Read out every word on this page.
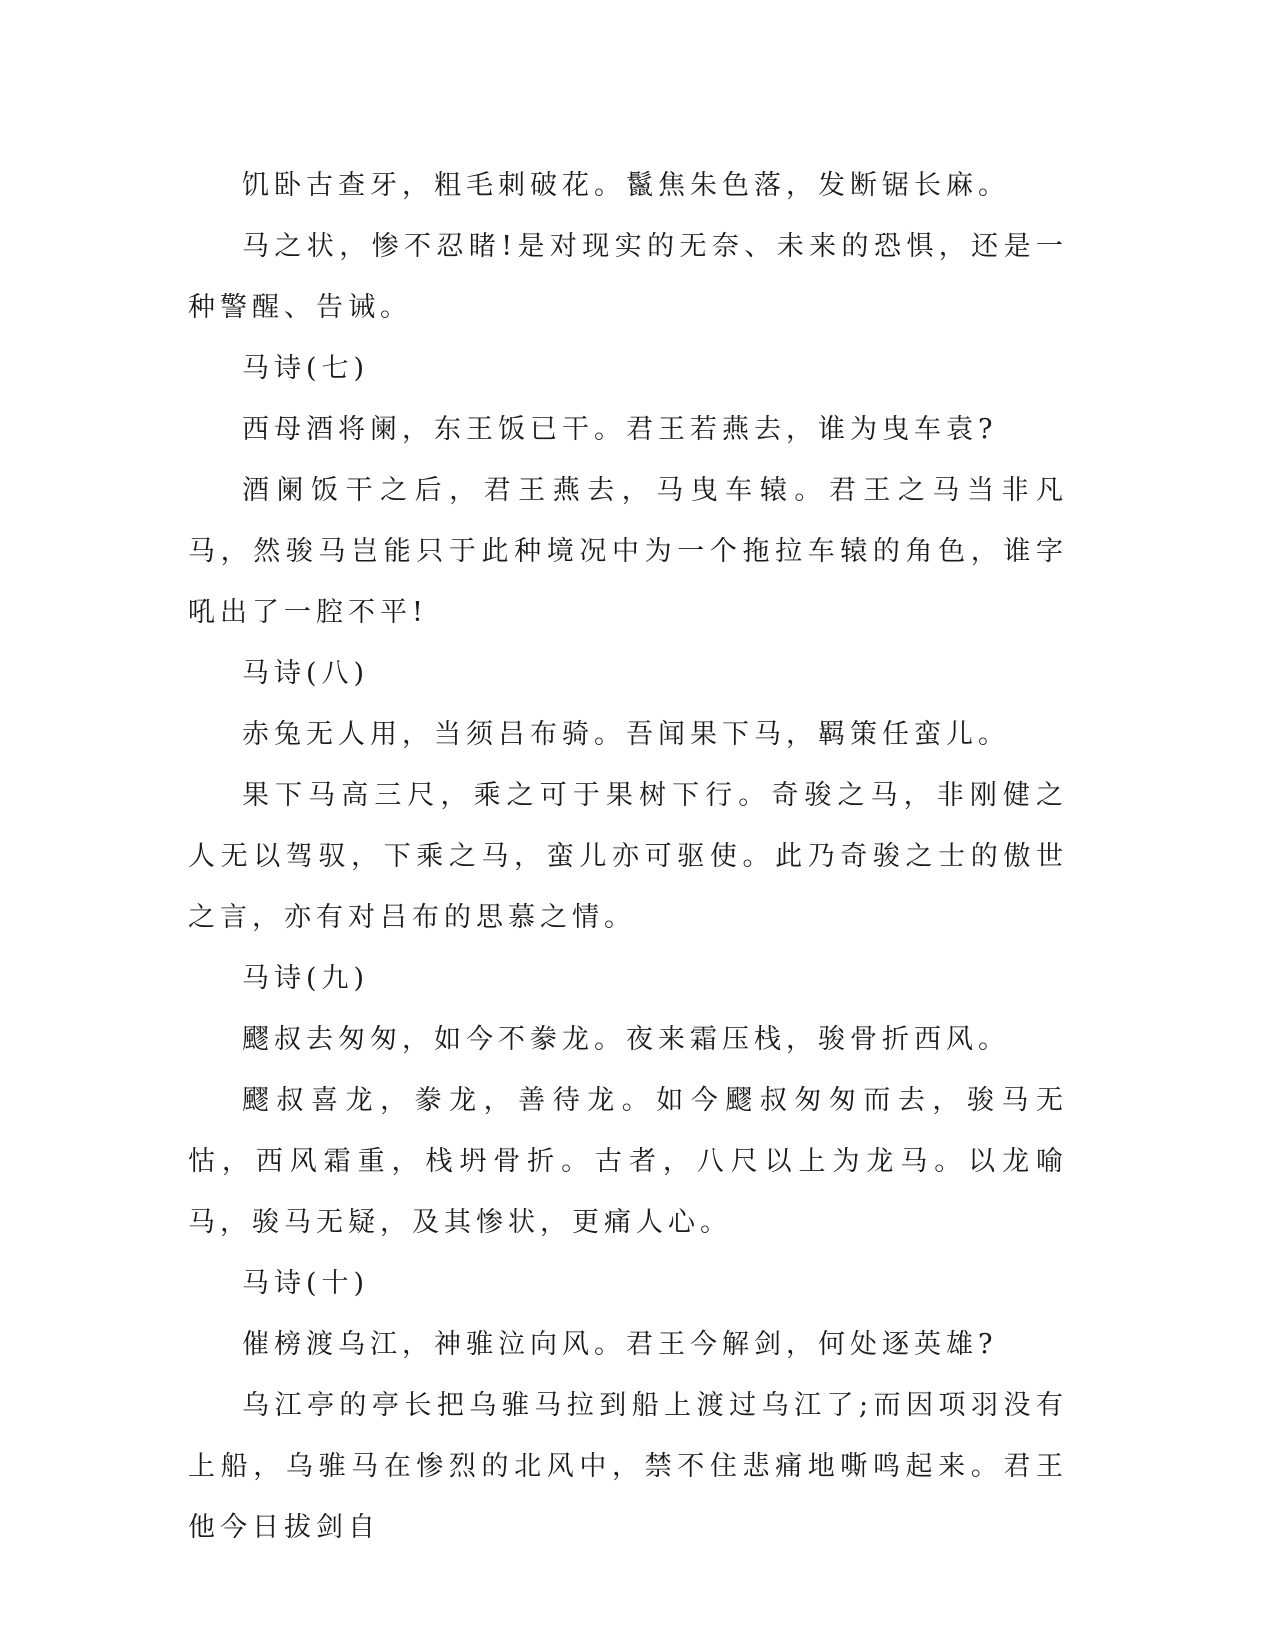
饥卧古查牙，粗毛刺破花。鬣焦朱色落，发断锯长麻。

马之状，惨不忍睹!是对现实的无奈、未来的恐惧，还是一种警醒、告诫。

马诗(七)

西母酒将阑，东王饭已干。君王若燕去，谁为曳车袁?

酒阑饭干之后，君王燕去，马曳车辕。君王之马当非凡马，然骏马岂能只于此种境况中为一个拖拉车辕的角色，谁字吼出了一腔不平!

马诗(八)

赤兔无人用，当须吕布骑。吾闻果下马，羁策任蛮儿。

果下马高三尺，乘之可于果树下行。奇骏之马，非刚健之人无以驾驭，下乘之马，蛮儿亦可驱使。此乃奇骏之士的傲世之言，亦有对吕布的思慕之情。

马诗(九)

飂叔去匆匆，如今不豢龙。夜来霜压栈，骏骨折西风。

飂叔喜龙，豢龙，善待龙。如今飂叔匆匆而去，骏马无怙，西风霜重，栈坍骨折。古者，八尺以上为龙马。以龙喻马，骏马无疑，及其惨状，更痛人心。

马诗(十)

催榜渡乌江，神骓泣向风。君王今解剑，何处逐英雄?

乌江亭的亭长把乌骓马拉到船上渡过乌江了;而因项羽没有上船，乌骓马在惨烈的北风中，禁不住悲痛地嘶鸣起来。君王他今日拔剑自
